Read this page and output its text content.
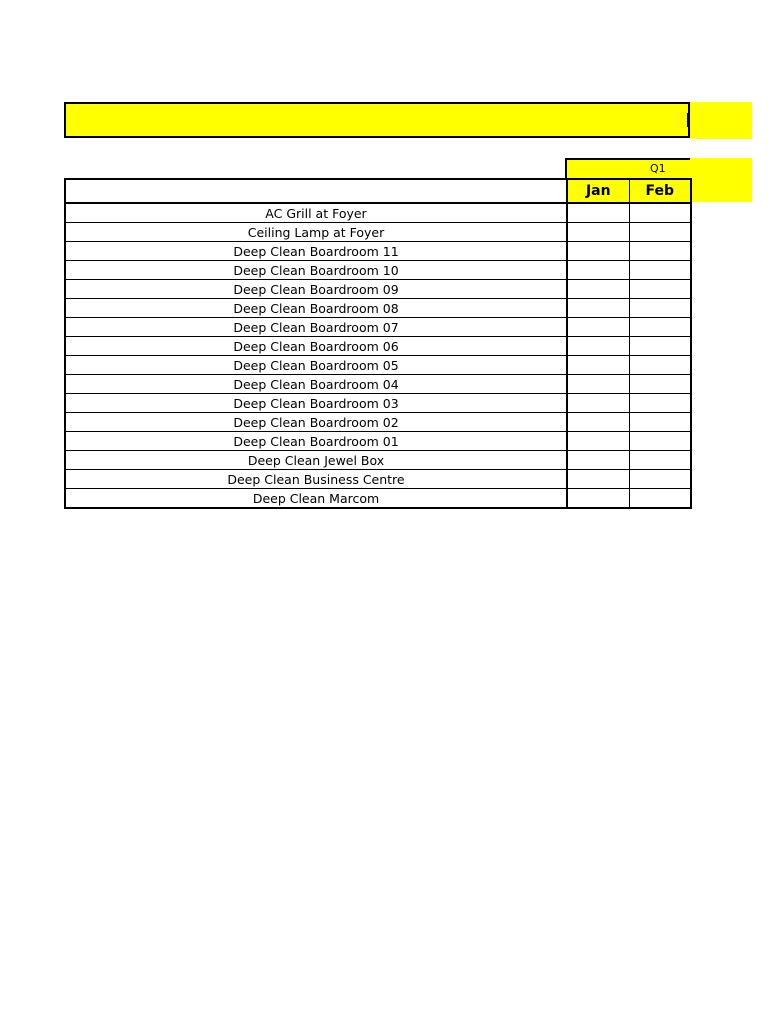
Q1
	Jan	Feb
AC Grill at Foyer		
Ceiling Lamp at Foyer		
Deep Clean Boardroom 11		
Deep Clean Boardroom 10		
Deep Clean Boardroom 09		
Deep Clean Boardroom 08		
Deep Clean Boardroom 07		
Deep Clean Boardroom 06		
Deep Clean Boardroom 05		
Deep Clean Boardroom 04		
Deep Clean Boardroom 03		
Deep Clean Boardroom 02		
Deep Clean Boardroom 01		
Deep Clean Jewel Box		
Deep Clean Business Centre		
Deep Clean Marcom		
